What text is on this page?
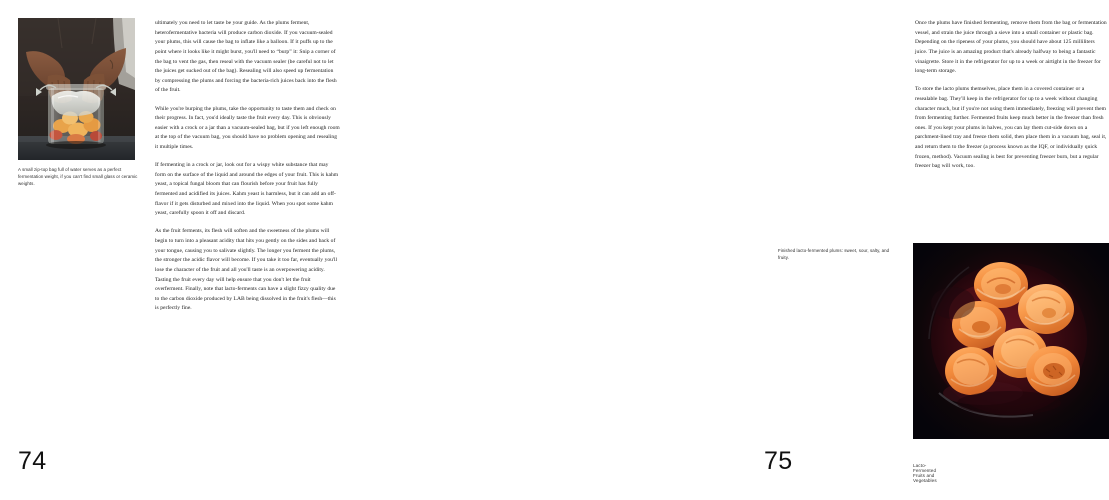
A small zip-top bag full of water serves as a perfect fermentation weight, if you can't find small glass or ceramic weights.

ultimately you need to let taste be your guide. As the plums ferment, heterofermentative bacteria will produce carbon dioxide. If you vacuum-sealed your plums, this will cause the bag to inflate like a balloon. If it puffs up to the point where it looks like it might burst, you'll need to “burp” it: Snip a corner of the bag to vent the gas, then reseal with the vacuum sealer (be careful not to let the juices get sucked out of the bag). Resealing will also speed up fermentation by compressing the plums and forcing the bacteria-rich juices back into the flesh of the fruit.

While you're burping the plums, take the opportunity to taste them and check on their progress. In fact, you'd ideally taste the fruit every day. This is obviously easier with a crock or a jar than a vacuum-sealed bag, but if you left enough room at the top of the vacuum bag, you should have no problem opening and resealing it multiple times.

If fermenting in a crock or jar, look out for a wispy white substance that may form on the surface of the liquid and around the edges of your fruit. This is kahm yeast, a topical fungal bloom that can flourish before your fruit has fully fermented and acidified its juices. Kahm yeast is harmless, but it can add an off-flavor if it gets disturbed and mixed into the liquid. When you spot some kahm yeast, carefully spoon it off and discard.

As the fruit ferments, its flesh will soften and the sweetness of the plums will begin to turn into a pleasant acidity that hits you gently on the sides and back of your tongue, causing you to salivate slightly. The longer you ferment the plums, the stronger the acidic flavor will become. If you take it too far, eventually you'll lose the character of the fruit and all you'll taste is an overpowering acidity. Tasting the fruit every day will help ensure that you don't let the fruit overferment. Finally, note that lacto-ferments can have a slight fizzy quality due to the carbon dioxide produced by LAB being dissolved in the fruit's flesh—this is perfectly fine.

74
Finished lacto-fermented plums: sweet, sour, salty, and fruity.

Once the plums have finished fermenting, remove them from the bag or fermentation vessel, and strain the juice through a sieve into a small container or plastic bag. Depending on the ripeness of your plums, you should have about 125 milliliters juice. The juice is an amazing product that's already halfway to being a fantastic vinaigrette. Store it in the refrigerator for up to a week or airtight in the freezer for long-term storage.

To store the lacto plums themselves, place them in a covered container or a resealable bag. They'll keep in the refrigerator for up to a week without changing character much, but if you're not using them immediately, freezing will prevent them from fermenting further. Fermented fruits keep much better in the freezer than fresh ones. If you kept your plums in halves, you can lay them cut-side down on a parchment-lined tray and freeze them solid, then place them in a vacuum bag, seal it, and return them to the freezer (a process known as the IQF, or individually quick frozen, method). Vacuum sealing is best for preventing freezer burn, but a regular freezer bag will work, too.

75	Lacto-Fermented Fruits and Vegetables
